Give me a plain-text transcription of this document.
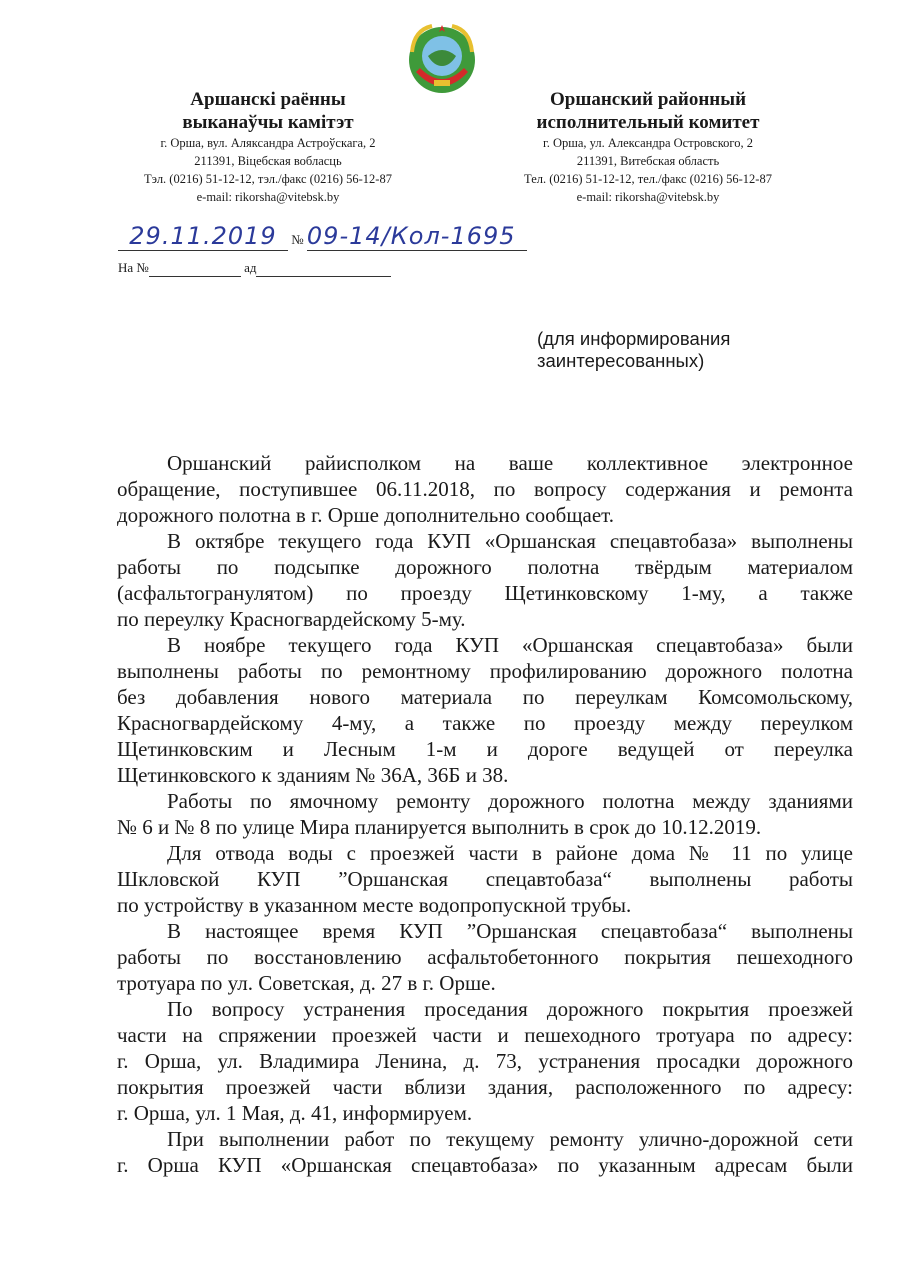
Аршанскі раённы
выканаўчы камітэт
г. Орша, вул. Аляксандра Астроўскага, 2
211391, Віцебская вобласць
Тэл. (0216) 51-12-12, тэл./факс (0216) 56-12-87
e-mail: rikorsha@vitebsk.by
Оршанский районный
исполнительный комитет
г. Орша, ул. Александра Островского, 2
211391, Витебская область
Тел. (0216) 51-12-12, тел./факс (0216) 56-12-87
e-mail: rikorsha@vitebsk.by
29.11.2019 № 09-14/Кол-1695
На №	ад
(для информирования
заинтересованных)
Оршанский райисполком на ваше коллективное электронное
обращение, поступившее 06.11.2018, по вопросу содержания и ремонта
дорожного полотна в г. Орше дополнительно сообщает.
В октябре текущего года КУП «Оршанская спецавтобаза» выполнены
работы по подсыпке дорожного полотна твёрдым материалом
(асфальтогранулятом) по проезду Щетинковскому 1-му, а также
по переулку Красногвардейскому 5-му.
В ноябре текущего года КУП «Оршанская спецавтобаза» были
выполнены работы по ремонтному профилированию дорожного полотна
без добавления нового материала по переулкам Комсомольскому,
Красногвардейскому 4-му, а также по проезду между переулком
Щетинковским и Лесным 1-м и дороге ведущей от переулка
Щетинковского к зданиям № 36А, 36Б и 38.
Работы по ямочному ремонту дорожного полотна между зданиями
№ 6 и № 8 по улице Мира планируется выполнить в срок до 10.12.2019.
Для отвода воды с проезжей части в районе дома № 11 по улице
Шкловской КУП ”Оршанская спецавтобаза“ выполнены работы
по устройству в указанном месте водопропускной трубы.
В настоящее время КУП ”Оршанская спецавтобаза“ выполнены
работы по восстановлению асфальтобетонного покрытия пешеходного
тротуара по ул. Советская, д. 27 в г. Орше.
По вопросу устранения проседания дорожного покрытия проезжей
части на спряжении проезжей части и пешеходного тротуара по адресу:
г. Орша, ул. Владимира Ленина, д. 73, устранения просадки дорожного
покрытия проезжей части вблизи здания, расположенного по адресу:
г. Орша, ул. 1 Мая, д. 41, информируем.
При выполнении работ по текущему ремонту улично-дорожной сети
г. Орша КУП «Оршанская спецавтобаза» по указанным адресам были
